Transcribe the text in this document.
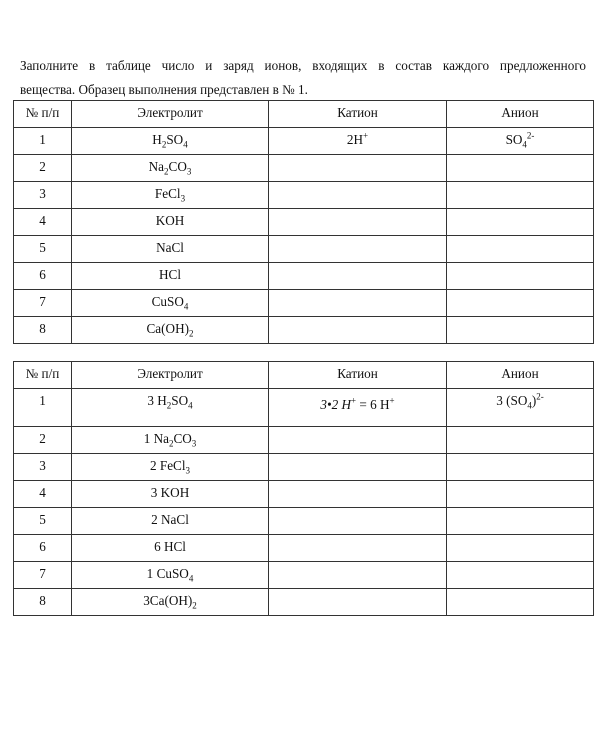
Заполните в таблице число и заряд ионов, входящих в состав каждого предложенного
вещества. Образец выполнения представлен в № 1.

№ п/п	Электролит	Катион	Анион
1	$H_2SO_4$	2H+	$SO_4^{2-}$
2	$Na_2CO_3$		
3	FeCl$_3$		
4	KOH		
5	NaCl		
6	HCl		
7	CuSO$_4$		
8	$Ca(OH)_2$		
№ п/п	Электролит	Катион	Анион
1	3 $H_2SO_4$	3•2 H+ = 6 H+	3 $(SO_4)^{2-}$
2	1 $Na_2CO_3$		
3	2 FeCl$_3$		
4	3 KOH		
5	2 NaCl		
6	6 HCl		
7	1 CuSO$_4$		
8	$3Ca(OH)_2$		
